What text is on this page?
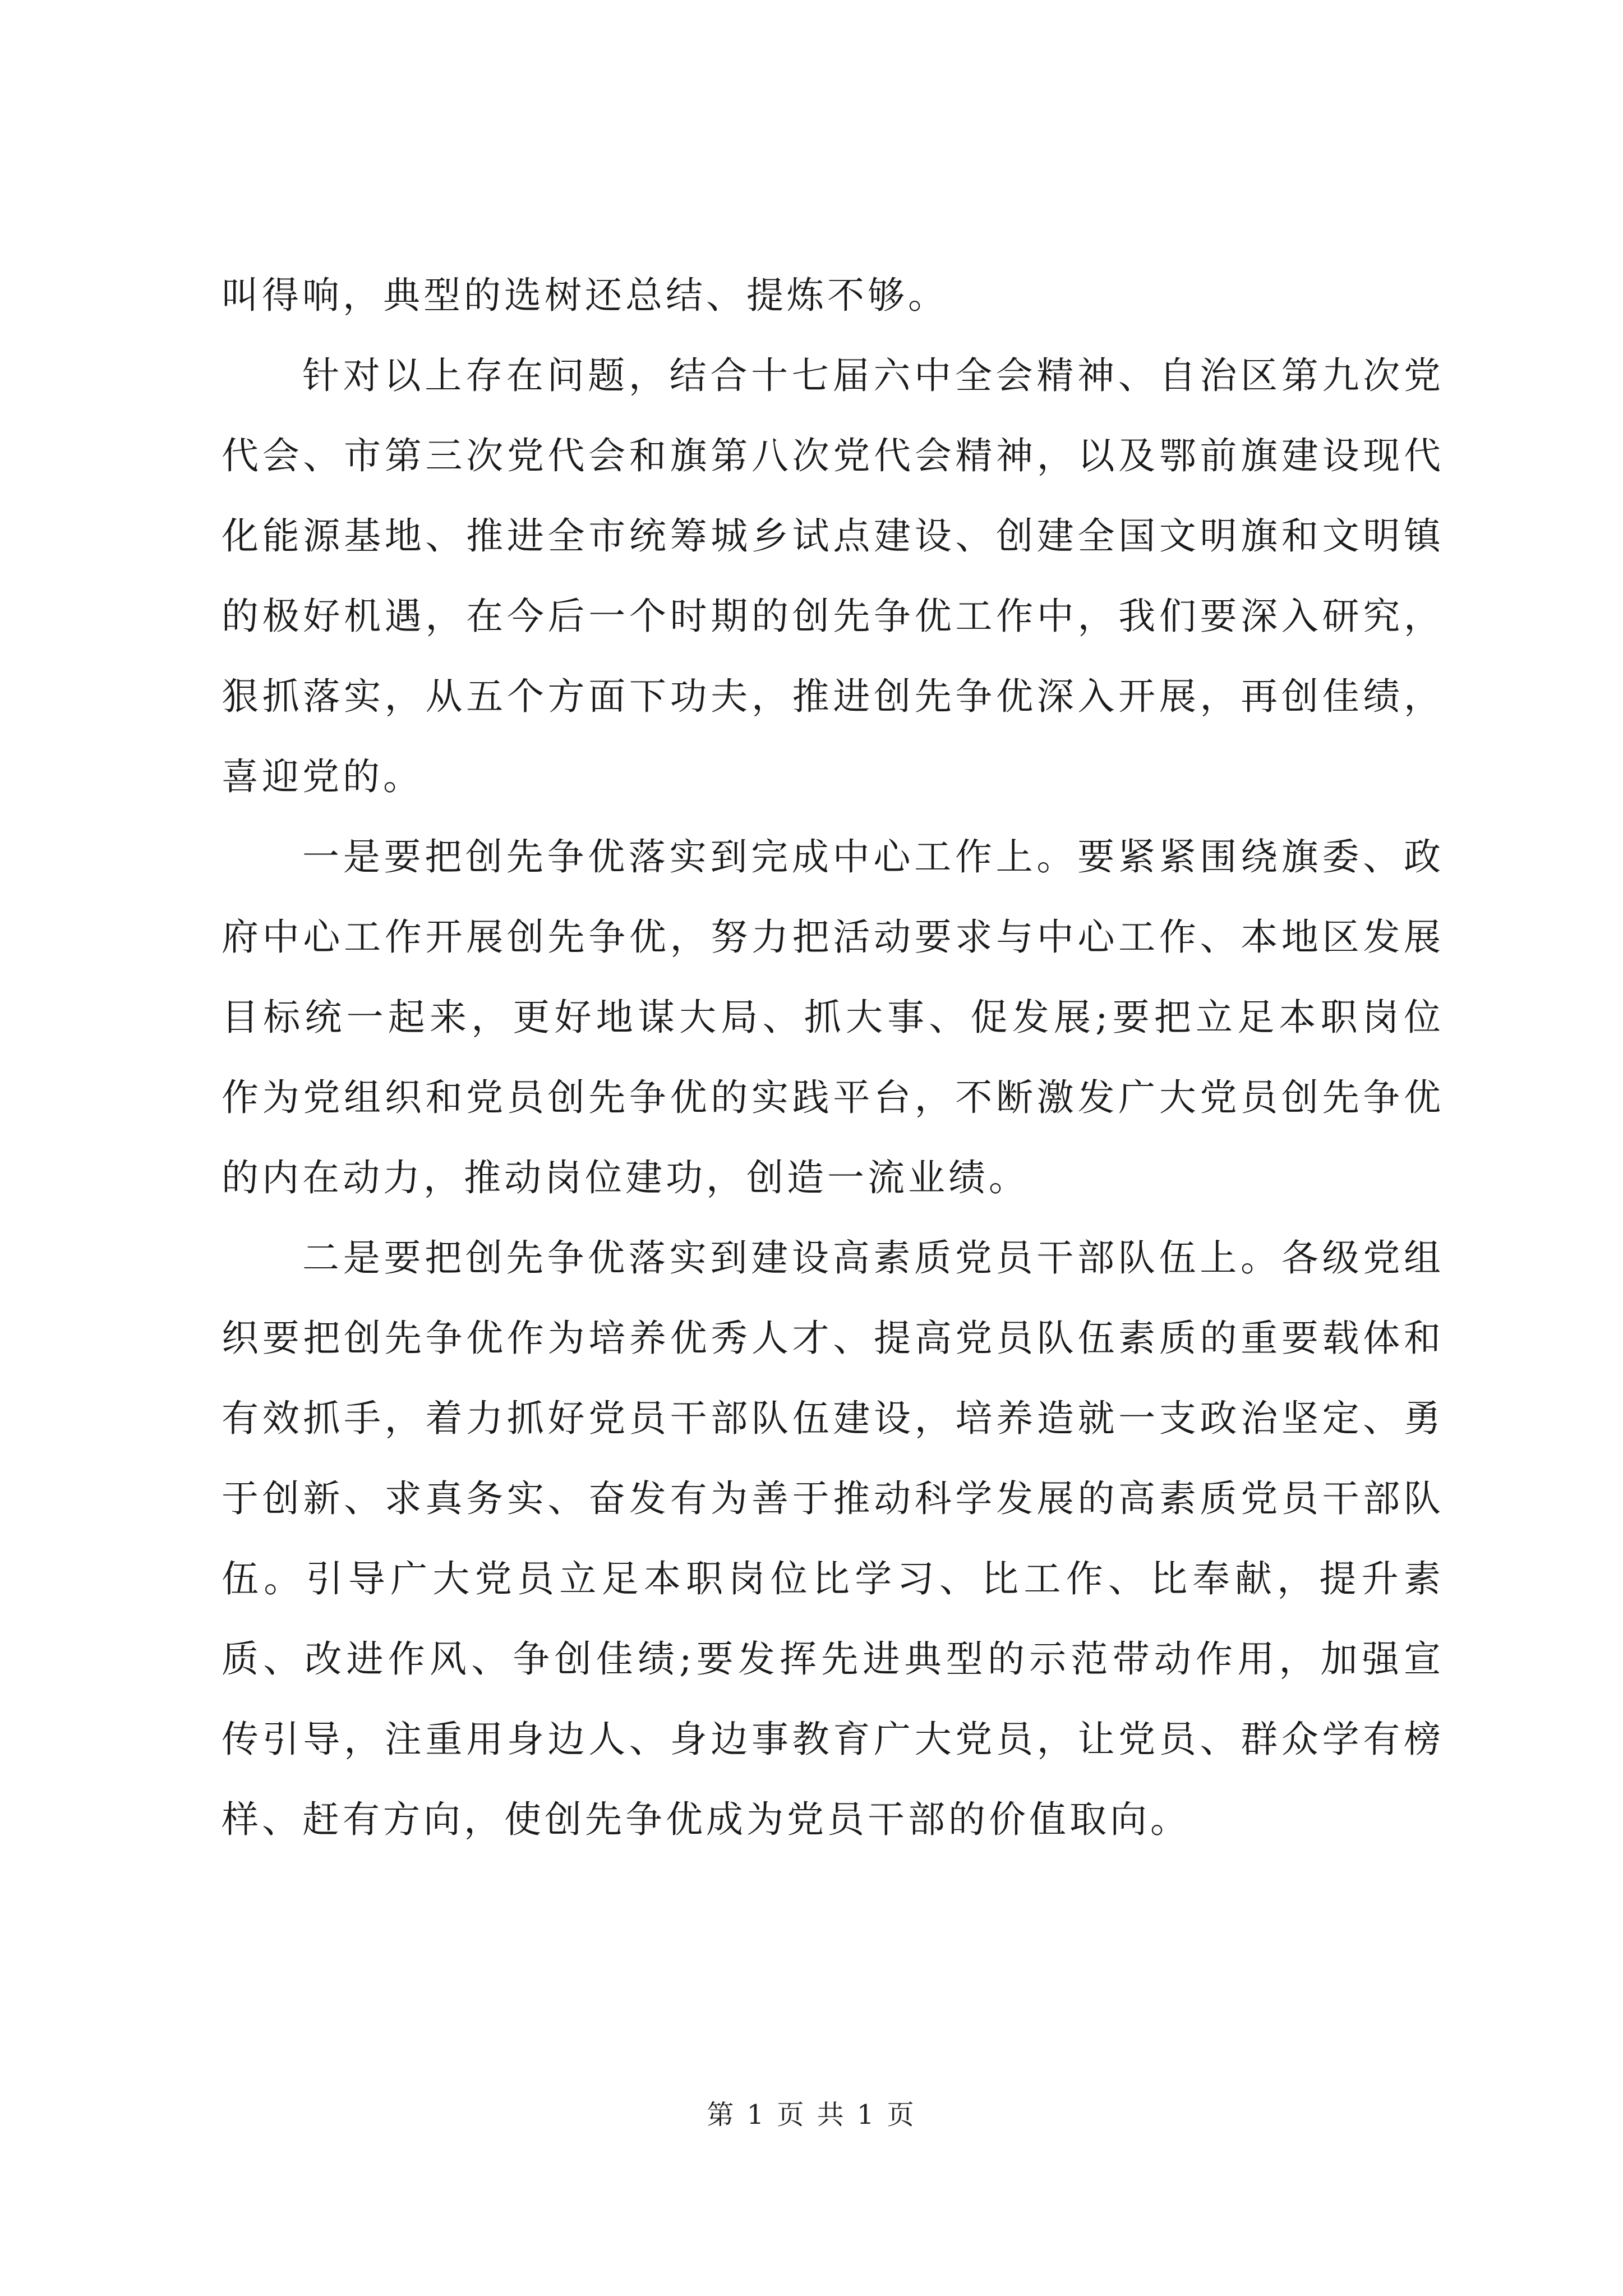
叫得响，典型的选树还总结、提炼不够。

针对以上存在问题，结合十七届六中全会精神、自治区第九次党代会、市第三次党代会和旗第八次党代会精神，以及鄂前旗建设现代化能源基地、推进全市统筹城乡试点建设、创建全国文明旗和文明镇的极好机遇，在今后一个时期的创先争优工作中，我们要深入研究，狠抓落实，从五个方面下功夫，推进创先争优深入开展，再创佳绩，喜迎党的。

一是要把创先争优落实到完成中心工作上。要紧紧围绕旗委、政府中心工作开展创先争优，努力把活动要求与中心工作、本地区发展目标统一起来，更好地谋大局、抓大事、促发展;要把立足本职岗位作为党组织和党员创先争优的实践平台，不断激发广大党员创先争优的内在动力，推动岗位建功，创造一流业绩。

二是要把创先争优落实到建设高素质党员干部队伍上。各级党组织要把创先争优作为培养优秀人才、提高党员队伍素质的重要载体和有效抓手，着力抓好党员干部队伍建设，培养造就一支政治坚定、勇于创新、求真务实、奋发有为善于推动科学发展的高素质党员干部队伍。引导广大党员立足本职岗位比学习、比工作、比奉献，提升素质、改进作风、争创佳绩;要发挥先进典型的示范带动作用，加强宣传引导，注重用身边人、身边事教育广大党员，让党员、群众学有榜样、赶有方向，使创先争优成为党员干部的价值取向。

第 1 页 共 1 页
